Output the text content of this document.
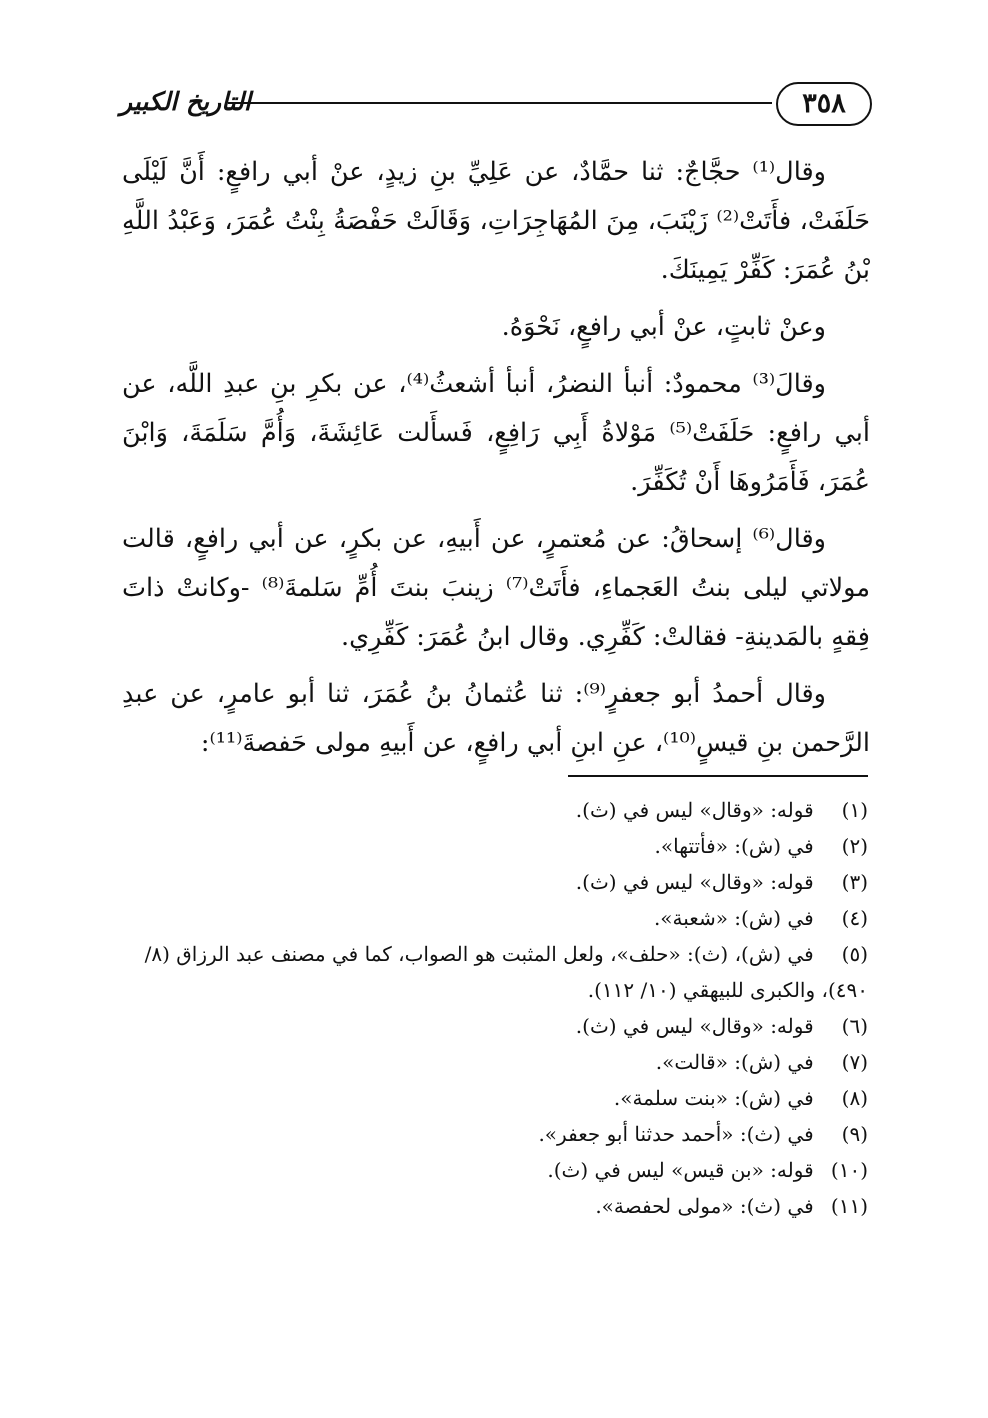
٣٥٨
التاريخ الكبير

وقال⁽¹⁾ حجَّاجٌ: ثنا حمَّادٌ، عن عَلِيِّ بنِ زيدٍ، عنْ أبي رافعٍ: أَنَّ لَيْلَى حَلَفَتْ، فأَتَتْ⁽²⁾ زَيْنَبَ، مِنَ المُهَاجِرَاتِ، وَقَالَتْ حَفْصَةُ بِنْتُ عُمَرَ، وَعَبْدُ اللَّهِ بْنُ عُمَرَ: كَفِّرْ يَمِينَكَ.

وعنْ ثابتٍ، عنْ أبي رافعٍ، نَحْوَهُ.

وقالَ⁽³⁾ محمودٌ: أنبأ النضرُ، أنبأ أشعثُ⁽⁴⁾، عن بكرِ بنِ عبدِ اللَّه، عن أبي رافعٍ: حَلَفَتْ⁽⁵⁾ مَوْلاةُ أَبِي رَافِعٍ، فَسأَلت عَائِشَةَ، وَأُمَّ سَلَمَةَ، وَابْنَ عُمَرَ، فَأَمَرُوهَا أَنْ تُكَفِّرَ.

وقال⁽⁶⁾ إسحاقُ: عن مُعتمرٍ، عن أَبيهِ، عن بكرٍ، عن أبي رافعٍ، قالت مولاتي ليلى بنتُ العَجماءِ، فأَتَتْ⁽⁷⁾ زينبَ بنتَ أُمِّ سَلمةَ⁽⁸⁾ -وكانتْ ذاتَ فِقهٍ بالمَدينةِ- فقالتْ: كَفِّرِي. وقال ابنُ عُمَرَ: كَفِّرِي.

وقال أحمدُ أبو جعفرٍ⁽⁹⁾: ثنا عُثمانُ بنُ عُمَرَ، ثنا أبو عامرٍ، عن عبدِ الرَّحمن بنِ قيسٍ⁽¹⁰⁾، عنِ ابنِ أبي رافعٍ، عن أَبيهِ مولى حَفصةَ⁽¹¹⁾:

(١) قوله: «وقال» ليس في (ث).

(٢) في (ش): «فأتتها».

(٣) قوله: «وقال» ليس في (ث).

(٤) في (ش): «شعبة».

(٥) في (ش)، (ث): «حلف»، ولعل المثبت هو الصواب، كما في مصنف عبد الرزاق (٨/ ٤٩٠)، والكبرى للبيهقي (١٠/ ١١٢).

(٦) قوله: «وقال» ليس في (ث).

(٧) في (ش): «قالت».

(٨) في (ش): «بنت سلمة».

(٩) في (ث): «أحمد حدثنا أبو جعفر».

(١٠) قوله: «بن قيس» ليس في (ث).

(١١) في (ث): «مولى لحفصة».
